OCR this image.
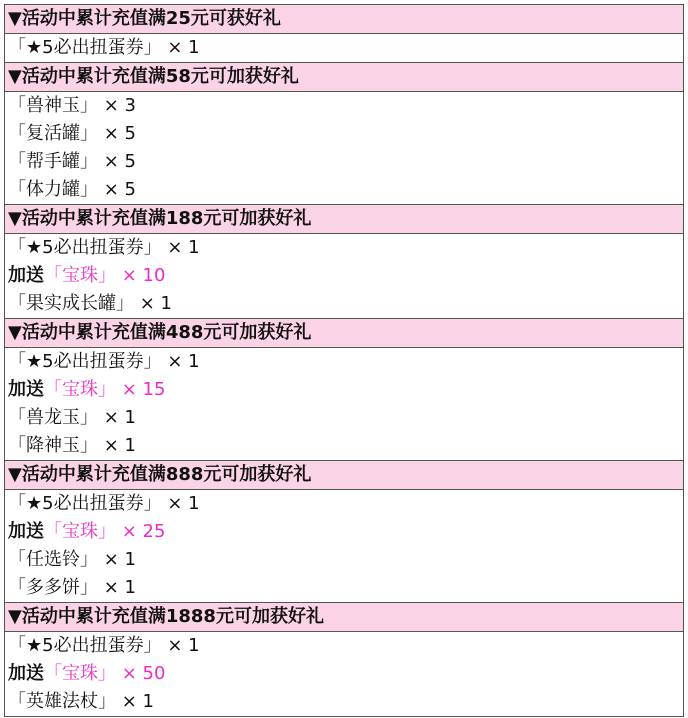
▼活动中累计充值满25元可获好礼
「★5必出扭蛋券」 × 1
▼活动中累计充值满58元可加获好礼
「兽神玉」 × 3
「复活罐」 × 5
「帮手罐」 × 5
「体力罐」 × 5
▼活动中累计充值满188元可加获好礼
「★5必出扭蛋券」 × 1
加送「宝珠」 × 10
「果实成长罐」 × 1
▼活动中累计充值满488元可加获好礼
「★5必出扭蛋券」 × 1
加送「宝珠」 × 15
「兽龙玉」 × 1
「降神玉」 × 1
▼活动中累计充值满888元可加获好礼
「★5必出扭蛋券」 × 1
加送「宝珠」 × 25
「任选铃」 × 1
「多多饼」 × 1
▼活动中累计充值满1888元可加获好礼
「★5必出扭蛋券」 × 1
加送「宝珠」 × 50
「英雄法杖」 × 1
